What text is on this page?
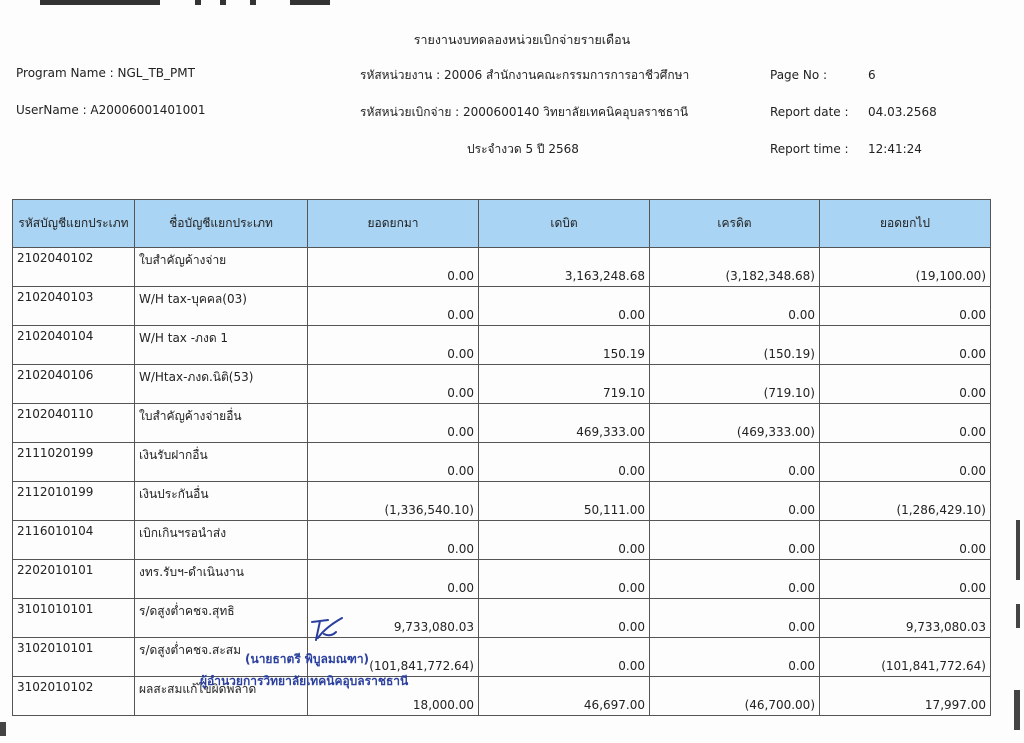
รายงานงบทดลองหน่วยเบิกจ่ายรายเดือน
Program Name : NGL_TB_PMT
UserName : A20006001401001
รหัสหน่วยงาน : 20006 สำนักงานคณะกรรมการการอาชีวศึกษา
รหัสหน่วยเบิกจ่าย : 2000600140 วิทยาลัยเทคนิคอุบลราชธานี
ประจำงวด 5 ปี 2568
Page No :	6
Report date : 04.03.2568
Report time : 12:41:24
รหัสบัญชีแยกประเภท	ชื่อบัญชีแยกประเภท	ยอดยกมา	เดบิต	เครดิต	ยอดยกไป
2102040102	ใบสำคัญค้างจ่าย	0.00	3,163,248.68	(3,182,348.68)	(19,100.00)
2102040103	W/H tax-บุคคล(03)	0.00	0.00	0.00	0.00
2102040104	W/H tax -ภงด 1	0.00	150.19	(150.19)	0.00
2102040106	W/Htax-ภงด.นิติ(53)	0.00	719.10	(719.10)	0.00
2102040110	ใบสำคัญค้างจ่ายอื่น	0.00	469,333.00	(469,333.00)	0.00
2111020199	เงินรับฝากอื่น	0.00	0.00	0.00	0.00
2112010199	เงินประกันอื่น	(1,336,540.10)	50,111.00	0.00	(1,286,429.10)
2116010104	เบิกเกินฯรอนำส่ง	0.00	0.00	0.00	0.00
2202010101	งทร.รับฯ-ดำเนินงาน	0.00	0.00	0.00	0.00
3101010101	ร/ดสูงต่ำคชจ.สุทธิ	9,733,080.03	0.00	0.00	9,733,080.03
3102010101	ร/ดสูงต่ำคชจ.สะสม	(101,841,772.64)	0.00	0.00	(101,841,772.64)
3102010102	ผลสะสมแก้ไขผิดพลาด	18,000.00	46,697.00	(46,700.00)	17,997.00
(นายธาตรี พิบูลมณฑา)
ผู้อำนวยการวิทยาลัยเทคนิคอุบลราชธานี
